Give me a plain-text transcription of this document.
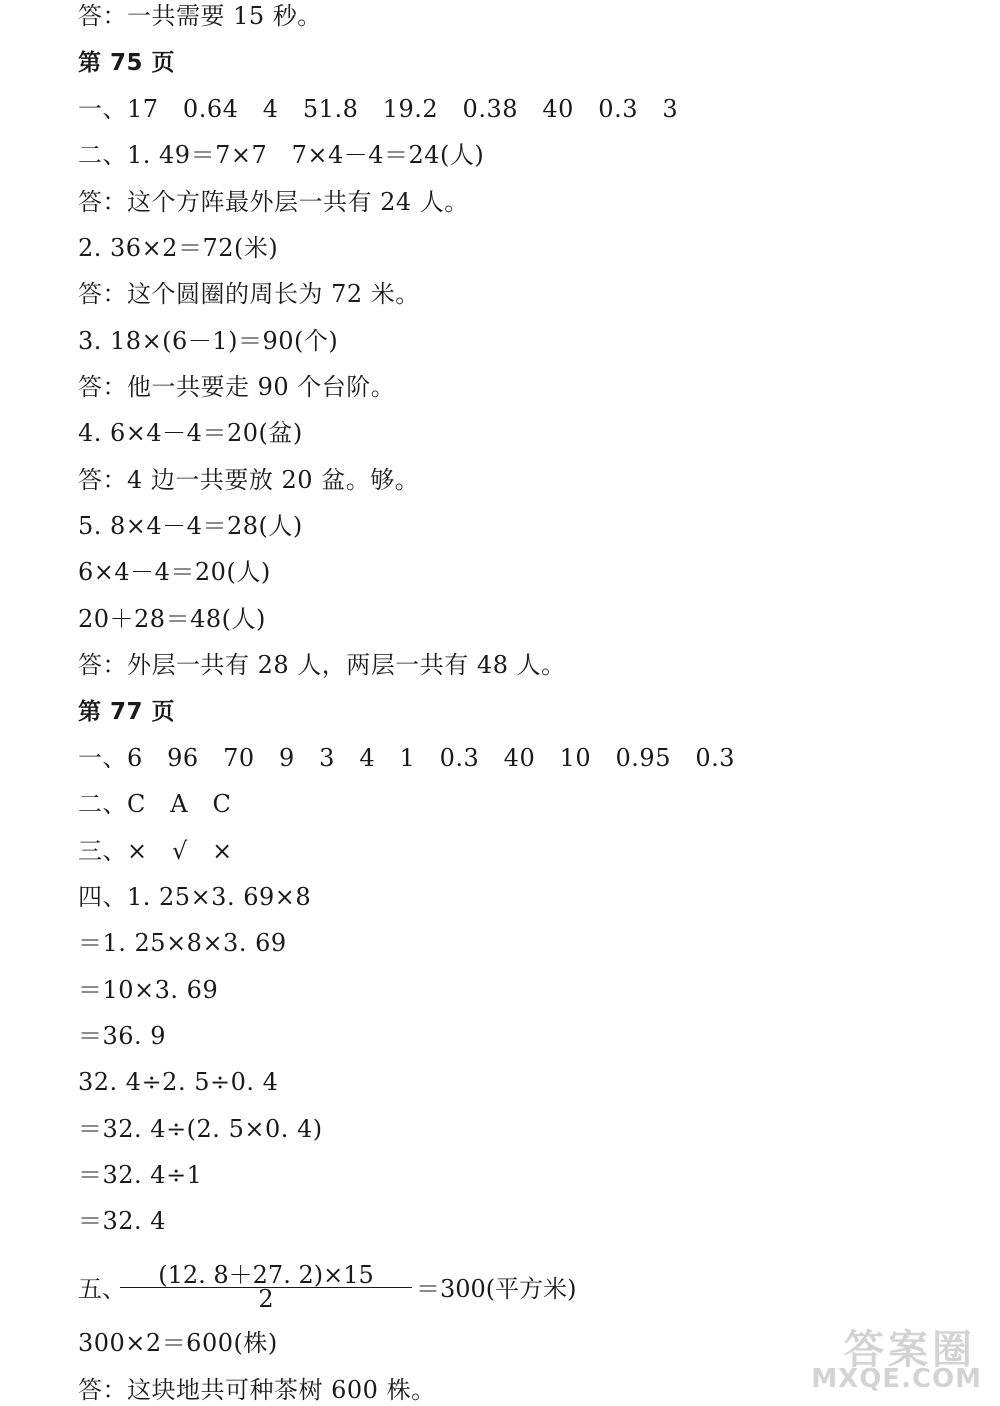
答：一共需要 15 秒。
第 75 页
一、17   0.64   4   51.8   19.2   0.38   40   0.3   3
二、1. 49＝7×7   7×4－4＝24(人)
答：这个方阵最外层一共有 24 人。
2. 36×2＝72(米)
答：这个圆圈的周长为 72 米。
3. 18×(6－1)＝90(个)
答：他一共要走 90 个台阶。
4. 6×4－4＝20(盆)
答：4 边一共要放 20 盆。够。
5. 8×4－4＝28(人)
6×4－4＝20(人)
20＋28＝48(人)
答：外层一共有 28 人，两层一共有 48 人。
第 77 页
一、6   96   70   9   3   4   1   0.3   40   10   0.95   0.3
二、C   A   C
三、×   √   ×
四、1. 25×3. 69×8
＝1. 25×8×3. 69
＝10×3. 69
＝36. 9
32. 4÷2. 5÷0. 4
＝32. 4÷(2. 5×0. 4)
＝32. 4÷1
＝32. 4
五、	(12. 8＋27. 2)×15
2	＝300(平方米)
300×2＝600(株)
答：这块地共可种茶树 600 株。
答案圈
MXQE.COM
